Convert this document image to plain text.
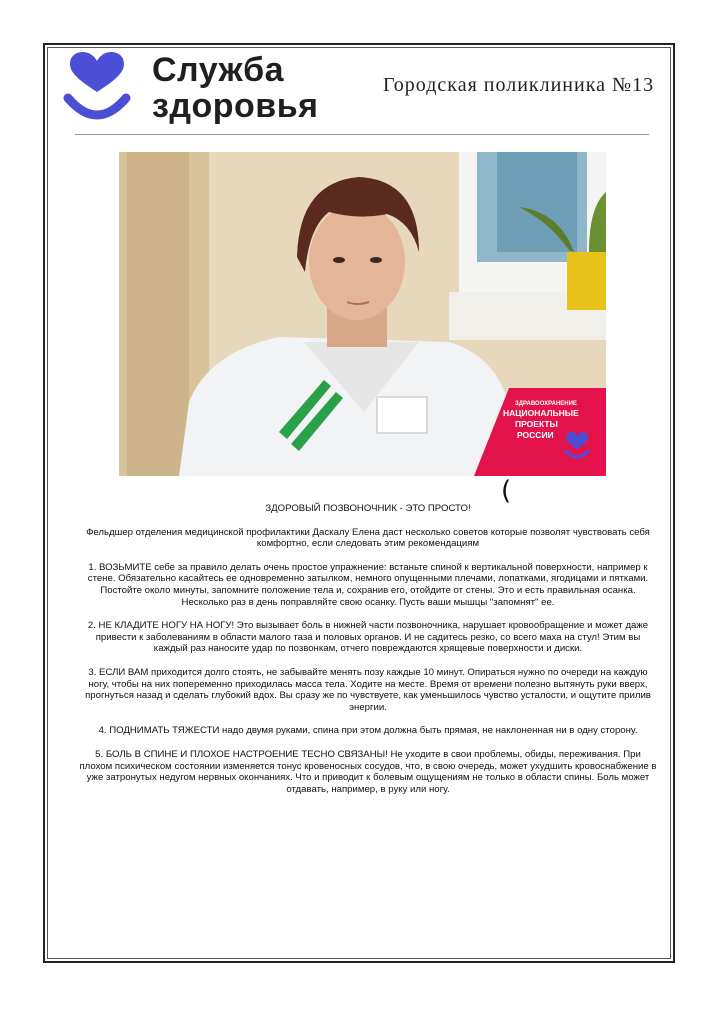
Служба
здоровья
Городская поликлиника №13
ЗДРАВООХРАНЕНИЕ
НАЦИОНАЛЬНЫЕ
ПРОЕКТЫ
РОССИИ
(

ЗДОРОВЫЙ ПОЗВОНОЧНИК - ЭТО ПРОСТО!

Фельдшер отделения медицинской профилактики Даскалу Елена даст несколько советов которые позволят чувствовать себя комфортно, если следовать этим рекомендациям

1. ВОЗЬМИТЕ себе за правило делать очень простое упражнение: встаньте спиной к вертикальной поверхности, например к стене. Обязательно касайтесь ее одновременно затылком, немного опущенными плечами, лопатками, ягодицами и пятками. Постойте около минуты, запомните положение тела и, сохранив его, отойдите от стены. Это и есть правильная осанка. Несколько раз в день поправляйте свою осанку. Пусть ваши мышцы "запомнят" ее.

2. НЕ КЛАДИТЕ НОГУ НА НОГУ! Это вызывает боль в нижней части позвоночника, нарушает кровообращение и может даже привести к заболеваниям в области малого таза и половых органов. И не садитесь резко, со всего маха на стул! Этим вы каждый раз наносите удар по позвонкам, отчего повреждаются хрящевые поверхности и диски.

3. ЕСЛИ ВАМ приходится долго стоять, не забывайте менять позу каждые 10 минут. Опираться нужно по очереди на каждую ногу, чтобы на них попеременно приходилась масса тела. Ходите на месте. Время от времени полезно вытянуть руки вверх, прогнуться назад и сделать глубокий вдох. Вы сразу же по чувствуете, как уменьшилось чувство усталости, и ощутите прилив энергии.

4. ПОДНИМАТЬ ТЯЖЕСТИ надо двумя руками, спина при этом должна быть прямая, не наклоненная ни в одну сторону.

5. БОЛЬ В СПИНЕ И ПЛОХОЕ НАСТРОЕНИЕ ТЕСНО СВЯЗАНЫ! Не уходите в свои проблемы, обиды, переживания. При плохом психическом состоянии изменяется тонус кровеносных сосудов, что, в свою очередь, может ухудшить кровоснабжение в уже затронутых недугом нервных окончаниях. Что и приводит к болевым ощущениям не только в области спины. Боль может отдавать, например, в руку или ногу.
